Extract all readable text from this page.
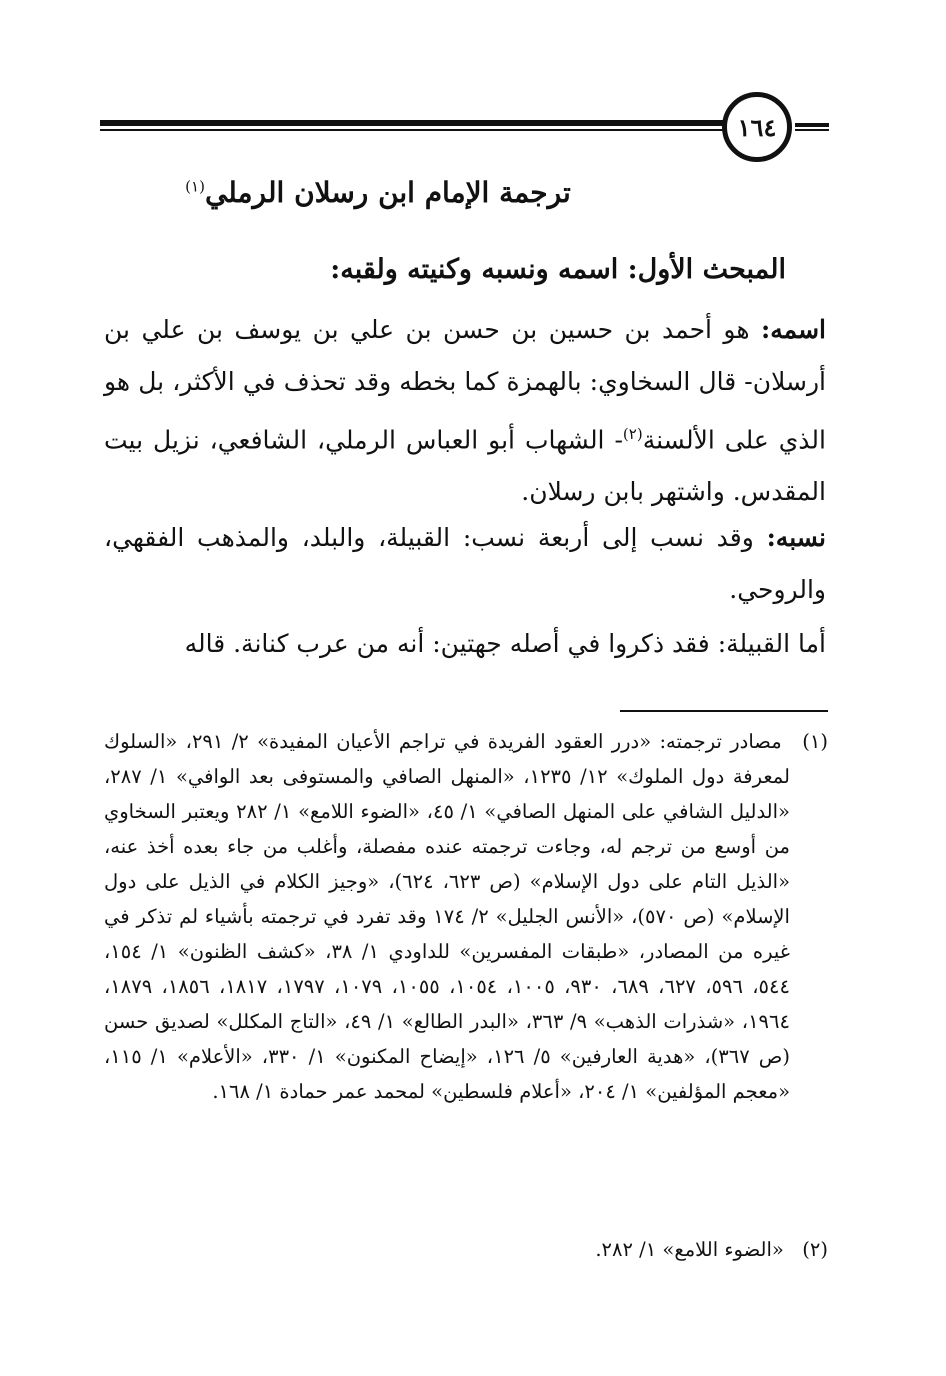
١٦٤
ترجمة الإمام ابن رسلان الرملي$^{(١)}$
المبحث الأول: اسمه ونسبه وكنيته ولقبه:
اسمه: هو أحمد بن حسين بن حسن بن علي بن يوسف بن علي بن أرسلان- قال السخاوي: بالهمزة كما بخطه وقد تحذف في الأكثر، بل هو الذي على الألسنة$^{(٢)}$- الشهاب أبو العباس الرملي، الشافعي، نزيل بيت المقدس. واشتهر بابن رسلان.
نسبه: وقد نسب إلى أربعة نسب: القبيلة، والبلد، والمذهب الفقهي، والروحي.
أما القبيلة: فقد ذكروا في أصله جهتين: أنه من عرب كنانة. قاله
(١) مصادر ترجمته: «درر العقود الفريدة في تراجم الأعيان المفيدة» ٢/ ٢٩١، «السلوك لمعرفة دول الملوك» ١٢/ ١٢٣٥، «المنهل الصافي والمستوفى بعد الوافي» ١/ ٢٨٧، «الدليل الشافي على المنهل الصافي» ١/ ٤٥، «الضوء اللامع» ١/ ٢٨٢ ويعتبر السخاوي من أوسع من ترجم له، وجاءت ترجمته عنده مفصلة، وأغلب من جاء بعده أخذ عنه، «الذيل التام على دول الإسلام» (ص ٦٢٣، ٦٢٤)، «وجيز الكلام في الذيل على دول الإسلام» (ص ٥٧٠)، «الأنس الجليل» ٢/ ١٧٤ وقد تفرد في ترجمته بأشياء لم تذكر في غيره من المصادر، «طبقات المفسرين» للداودي ١/ ٣٨، «كشف الظنون» ١/ ١٥٤، ٥٤٤، ٥٩٦، ٦٢٧، ٦٨٩، ٩٣٠، ١٠٠٥، ١٠٥٤، ١٠٥٥، ١٠٧٩، ١٧٩٧، ١٨١٧، ١٨٥٦، ١٨٧٩، ١٩٦٤، «شذرات الذهب» ٩/ ٣٦٣، «البدر الطالع» ١/ ٤٩، «التاج المكلل» لصديق حسن (ص ٣٦٧)، «هدية العارفين» ٥/ ١٢٦، «إيضاح المكنون» ١/ ٣٣٠، «الأعلام» ١/ ١١٥، «معجم المؤلفين» ١/ ٢٠٤، «أعلام فلسطين» لمحمد عمر حمادة ١/ ١٦٨.
(٢) «الضوء اللامع» ١/ ٢٨٢.
